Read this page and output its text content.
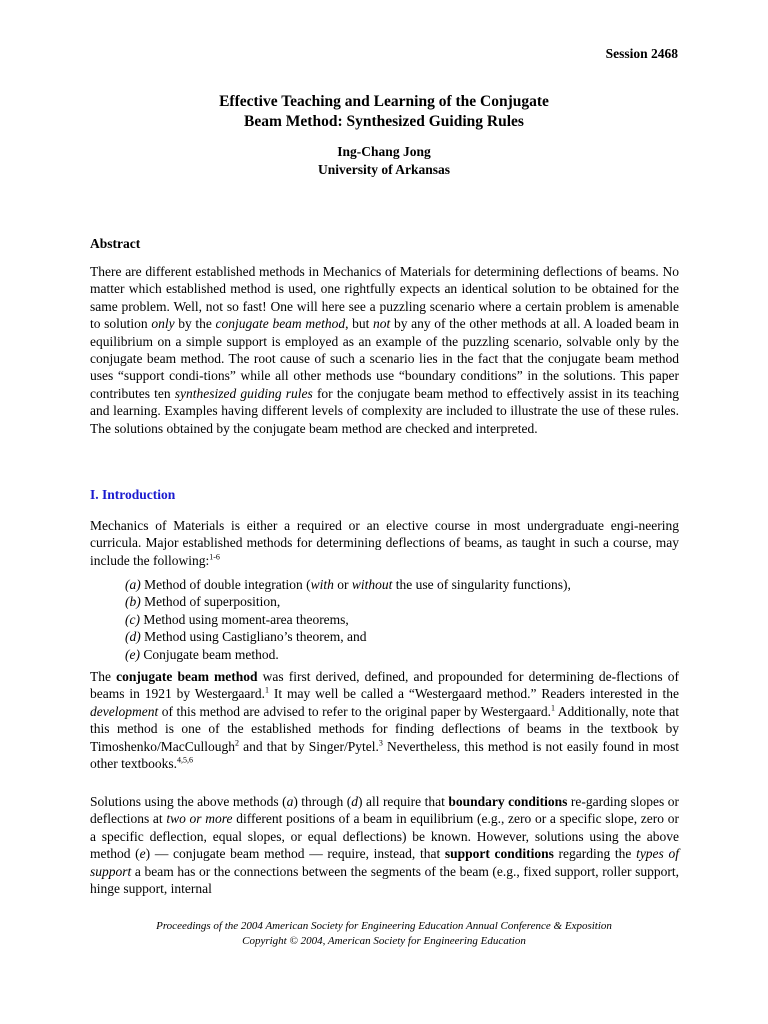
Session 2468
Effective Teaching and Learning of the Conjugate
Beam Method: Synthesized Guiding Rules
Ing-Chang Jong
University of Arkansas
Abstract

There are different established methods in Mechanics of Materials for determining deflections of beams. No matter which established method is used, one rightfully expects an identical solution to be obtained for the same problem. Well, not so fast! One will here see a puzzling scenario where a certain problem is amenable to solution only by the conjugate beam method, but not by any of the other methods at all. A loaded beam in equilibrium on a simple support is employed as an example of the puzzling scenario, solvable only by the conjugate beam method. The root cause of such a scenario lies in the fact that the conjugate beam method uses “support condi-tions” while all other methods use “boundary conditions” in the solutions. This paper contributes ten synthesized guiding rules for the conjugate beam method to effectively assist in its teaching and learning. Examples having different levels of complexity are included to illustrate the use of these rules. The solutions obtained by the conjugate beam method are checked and interpreted.

I. Introduction

Mechanics of Materials is either a required or an elective course in most undergraduate engi-neering curricula. Major established methods for determining deflections of beams, as taught in such a course, may include the following:$^{1-6}$

(a) Method of double integration (with or without the use of singularity functions),
(b) Method of superposition,
(c) Method using moment-area theorems,
(d) Method using Castigliano’s theorem, and
(e) Conjugate beam method.

The conjugate beam method was first derived, defined, and propounded for determining de-flections of beams in 1921 by Westergaard.$^1$ It may well be called a “Westergaard method.” Readers interested in the development of this method are advised to refer to the original paper by Westergaard.$^1$ Additionally, note that this method is one of the established methods for finding deflections of beams in the textbook by Timoshenko/MacCullough$^2$ and that by Singer/Pytel.$^3$ Nevertheless, this method is not easily found in most other textbooks.$^{4,5,6}$

Solutions using the above methods (a) through (d) all require that boundary conditions re-garding slopes or deflections at two or more different positions of a beam in equilibrium (e.g., zero or a specific slope, zero or a specific deflection, equal slopes, or equal deflections) be known. However, solutions using the above method (e) — conjugate beam method — require, instead, that support conditions regarding the types of support a beam has or the connections between the segments of the beam (e.g., fixed support, roller support, hinge support, internal

Proceedings of the 2004 American Society for Engineering Education Annual Conference & Exposition
Copyright © 2004, American Society for Engineering Education
